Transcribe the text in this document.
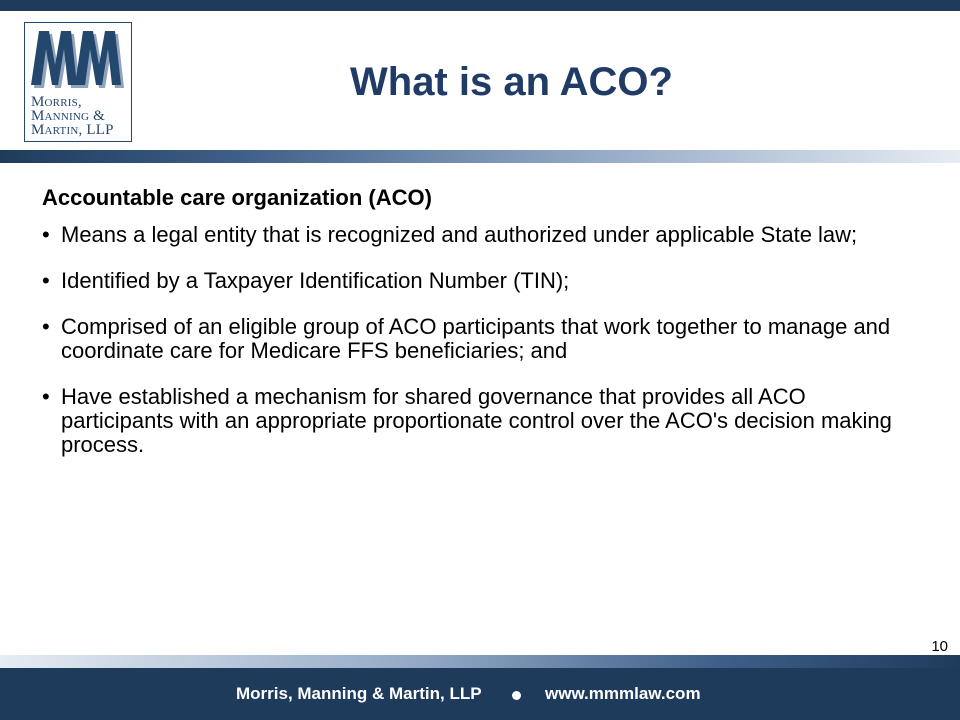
Morris,
Manning &
Martin, LLP
What is an ACO?
Accountable care organization (ACO)
• Means a legal entity that is recognized and authorized under applicable State law;
• Identified by a Taxpayer Identification Number (TIN);
• Comprised of an eligible group of ACO participants that work together to manage and coordinate care for Medicare FFS beneficiaries; and
• Have established a mechanism for shared governance that provides all ACO participants with an appropriate proportionate control over the ACO's decision making process.
10
Morris, Manning & Martin, LLP	www.mmmlaw.com
